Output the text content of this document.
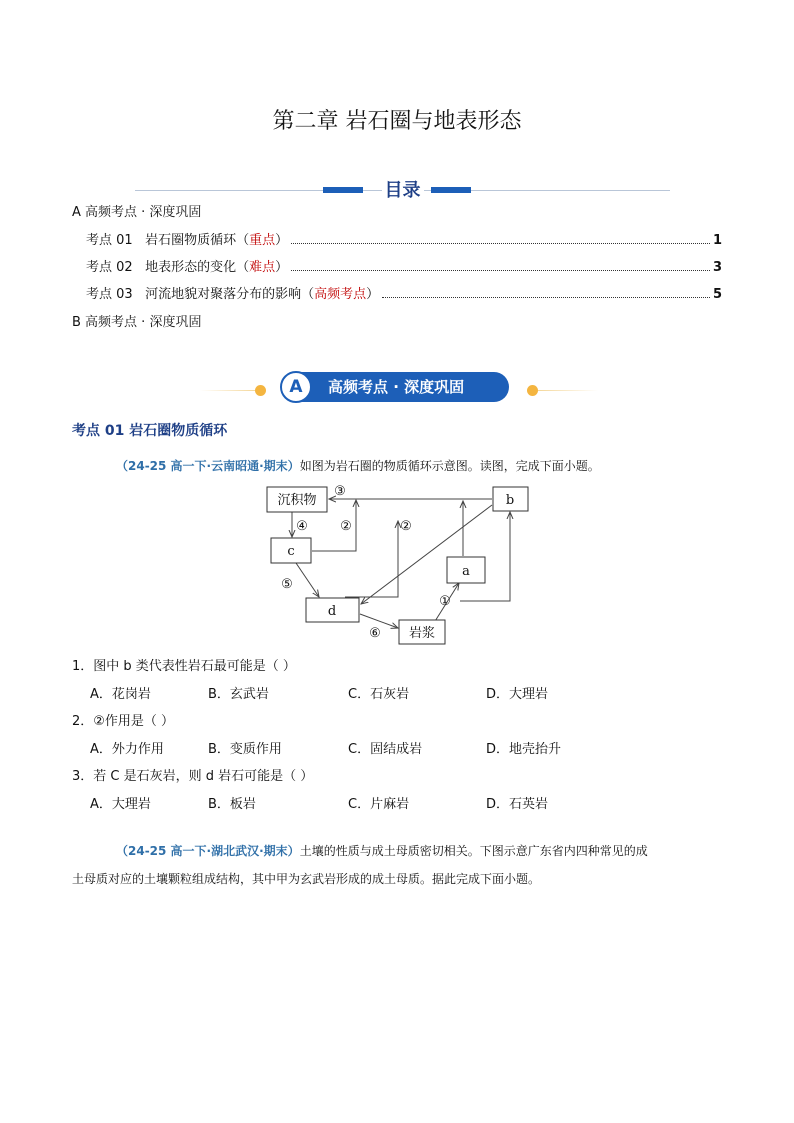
第二章 岩石圈与地表形态
目录
A 高频考点 · 深度巩固
考点 01 岩石圈物质循环（重点）	1
考点 02 地表形态的变化（难点）	3
考点 03 河流地貌对聚落分布的影响（高频考点）	5
B 高频考点 · 深度巩固
A	高频考点 · 深度巩固
考点 01 岩石圈物质循环
（24-25 高一下·云南昭通·期末）如图为岩石圈的物质循环示意图。读图，完成下面小题。
沉积物	b
c
a
d
岩浆
③
④ ②	②
⑤
①
⑥
1．图中 b 类代表性岩石最可能是（ ）
A．花岗岩	B．玄武岩	C．石灰岩	D．大理岩
2．②作用是（ ）
A．外力作用	B．变质作用	C．固结成岩	D．地壳抬升
3．若 C 是石灰岩，则 d 岩石可能是（ ）
A．大理岩	B．板岩	C．片麻岩	D．石英岩
（24-25 高一下·湖北武汉·期末）土壤的性质与成土母质密切相关。下图示意广东省内四种常见的成
土母质对应的土壤颗粒组成结构，其中甲为玄武岩形成的成土母质。据此完成下面小题。
